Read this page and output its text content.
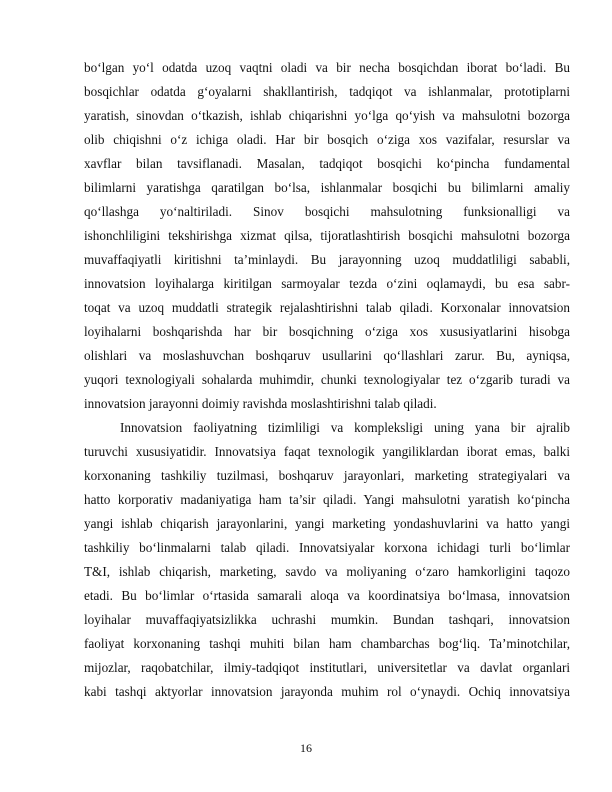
bo‘lgan yo‘l odatda uzoq vaqtni oladi va bir necha bosqichdan iborat bo‘ladi. Bu
bosqichlar odatda g‘oyalarni shakllantirish, tadqiqot va ishlanmalar, prototiplarni
yaratish, sinovdan o‘tkazish, ishlab chiqarishni yo‘lga qo‘yish va mahsulotni bozorga
olib chiqishni o‘z ichiga oladi. Har bir bosqich o‘ziga xos vazifalar, resurslar va
xavflar bilan tavsiflanadi. Masalan, tadqiqot bosqichi ko‘pincha fundamental
bilimlarni yaratishga qaratilgan bo‘lsa, ishlanmalar bosqichi bu bilimlarni amaliy
qo‘llashga yo‘naltiriladi. Sinov bosqichi mahsulotning funksionalligi va
ishonchliligini tekshirishga xizmat qilsa, tijoratlashtirish bosqichi mahsulotni bozorga
muvaffaqiyatli kiritishni ta’minlaydi. Bu jarayonning uzoq muddatliligi sababli,
innovatsion loyihalarga kiritilgan sarmoyalar tezda o‘zini oqlamaydi, bu esa sabr-
toqat va uzoq muddatli strategik rejalashtirishni talab qiladi. Korxonalar innovatsion
loyihalarni boshqarishda har bir bosqichning o‘ziga xos xususiyatlarini hisobga
olishlari va moslashuvchan boshqaruv usullarini qo‘llashlari zarur. Bu, ayniqsa,
yuqori texnologiyali sohalarda muhimdir, chunki texnologiyalar tez o‘zgarib turadi va
innovatsion jarayonni doimiy ravishda moslashtirishni talab qiladi.
Innovatsion faoliyatning tizimliligi va kompleksligi uning yana bir ajralib
turuvchi xususiyatidir. Innovatsiya faqat texnologik yangiliklardan iborat emas, balki
korxonaning tashkiliy tuzilmasi, boshqaruv jarayonlari, marketing strategiyalari va
hatto korporativ madaniyatiga ham ta’sir qiladi. Yangi mahsulotni yaratish ko‘pincha
yangi ishlab chiqarish jarayonlarini, yangi marketing yondashuvlarini va hatto yangi
tashkiliy bo‘linmalarni talab qiladi. Innovatsiyalar korxona ichidagi turli bo‘limlar
T&I, ishlab chiqarish, marketing, savdo va moliyaning o‘zaro hamkorligini taqozo
etadi. Bu bo‘limlar o‘rtasida samarali aloqa va koordinatsiya bo‘lmasa, innovatsion
loyihalar muvaffaqiyatsizlikka uchrashi mumkin. Bundan tashqari, innovatsion
faoliyat korxonaning tashqi muhiti bilan ham chambarchas bog‘liq. Ta’minotchilar,
mijozlar, raqobatchilar, ilmiy-tadqiqot institutlari, universitetlar va davlat organlari
kabi tashqi aktyorlar innovatsion jarayonda muhim rol o‘ynaydi. Ochiq innovatsiya
16
